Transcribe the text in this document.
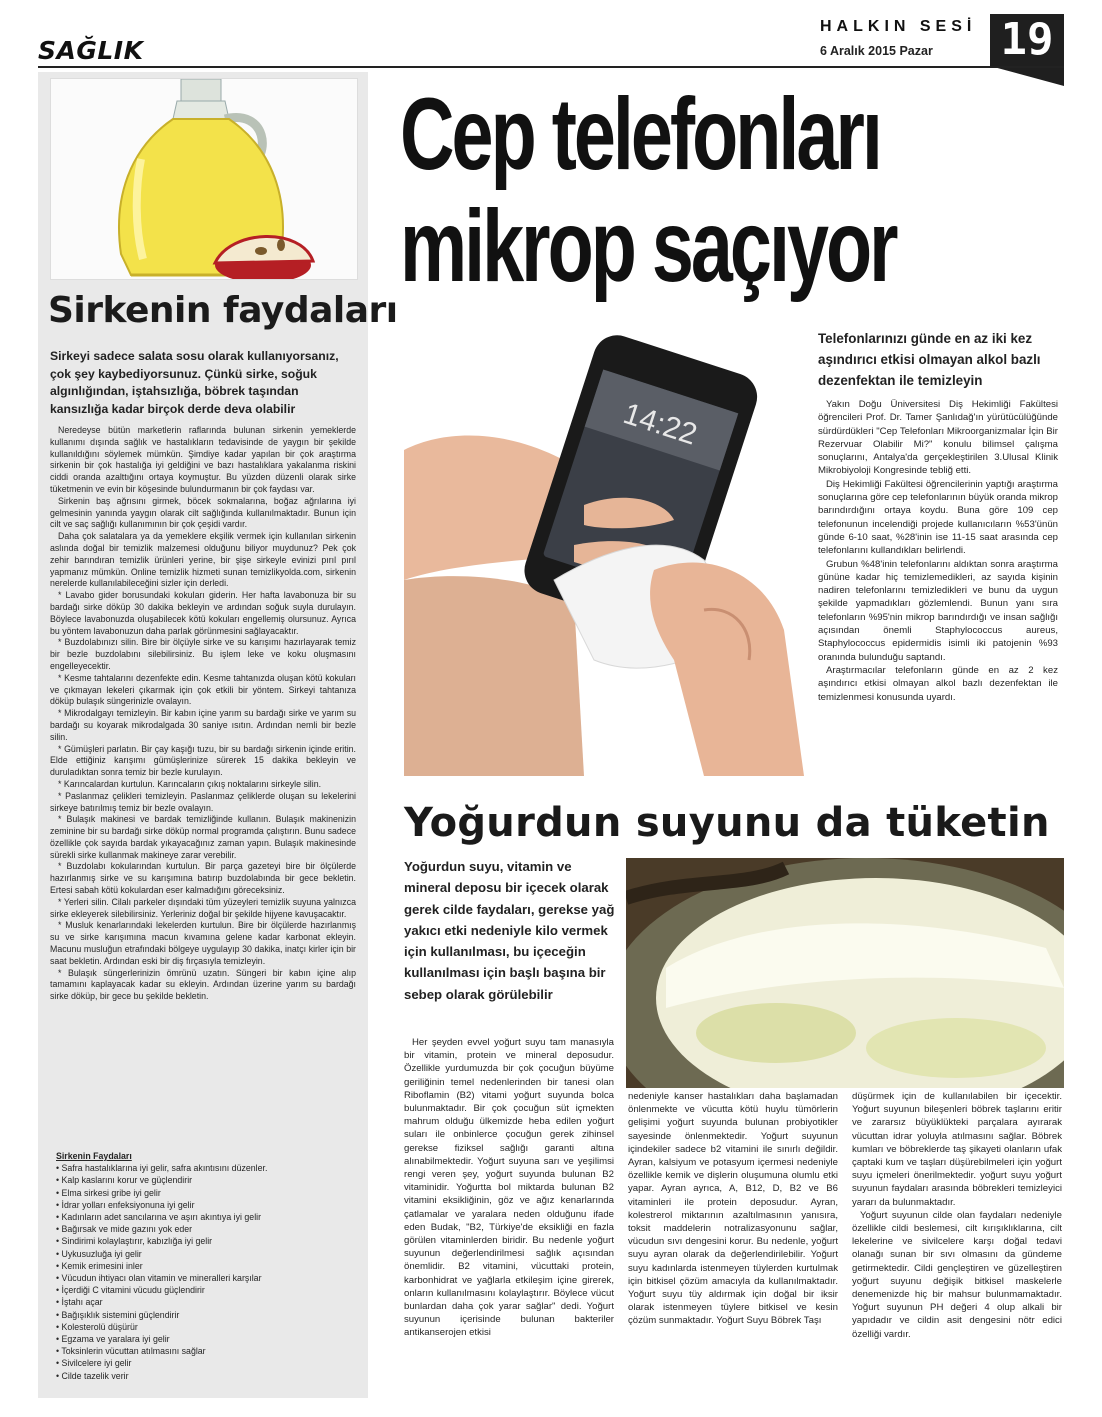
SAĞLIK
HALKIN SESİ
6 Aralık 2015 Pazar 19
Sirkenin faydaları
Sirkeyi sadece salata sosu olarak kullanıyorsanız, çok şey kaybediyorsunuz. Çünkü sirke, soğuk algınlığından, iştahsızlığa, böbrek taşından kansızlığa kadar birçok derde deva olabilir

Neredeyse bütün marketlerin raflarında bulunan sirkenin yemeklerde kullanımı dışında sağlık ve hastalıkların tedavisinde de yaygın bir şekilde kullanıldığını söylemek mümkün. Şimdiye kadar yapılan bir çok araştırma sirkenin bir çok hastalığa iyi geldiğini ve bazı hastalıklara yakalanma riskini ciddi oranda azalttığını ortaya koymuştur. Bu yüzden düzenli olarak sirke tüketmenin ve evin bir köşesinde bulundurmanın bir çok faydası var.

Sirkenin baş ağrısını girmek, böcek sokmalarına, boğaz ağrılarına iyi gelmesinin yanında yaygın olarak cilt sağlığında kullanılmaktadır. Bunun için cilt ve saç sağlığı kullanımının bir çok çeşidi vardır.

Daha çok salatalara ya da yemeklere ekşilik vermek için kullanılan sirkenin aslında doğal bir temizlik malzemesi olduğunu biliyor muydunuz? Pek çok zehir barındıran temizlik ürünleri yerine, bir şişe sirkeyle evinizi pırıl pırıl yapmanız mümkün. Online temizlik hizmeti sunan temizlikyolda.com, sirkenin nerelerde kullanılabileceğini sizler için derledi.

* Lavabo gider borusundaki kokuları giderin. Her hafta lavabonuza bir su bardağı sirke döküp 30 dakika bekleyin ve ardından soğuk suyla durulayın. Böylece lavabonuzda oluşabilecek kötü kokuları engellemiş olursunuz. Ayrıca bu yöntem lavabonuzun daha parlak görünmesini sağlayacaktır.

* Buzdolabınızı silin. Bire bir ölçüyle sirke ve su karışımı hazırlayarak temiz bir bezle buzdolabını silebilirsiniz. Bu işlem leke ve koku oluşmasını engelleyecektir.

* Kesme tahtalarını dezenfekte edin. Kesme tahtanızda oluşan kötü kokuları ve çıkmayan lekeleri çıkarmak için çok etkili bir yöntem. Sirkeyi tahtanıza döküp bulaşık süngerinizle ovalayın.

* Mikrodalgayı temizleyin. Bir kabın içine yarım su bardağı sirke ve yarım su bardağı su koyarak mikrodalgada 30 saniye ısıtın. Ardından nemli bir bezle silin.

* Gümüşleri parlatın. Bir çay kaşığı tuzu, bir su bardağı sirkenin içinde eritin. Elde ettiğiniz karışımı gümüşlerinize sürerek 15 dakika bekleyin ve duruladıktan sonra temiz bir bezle kurulayın.

* Karıncalardan kurtulun. Karıncaların çıkış noktalarını sirkeyle silin.

* Paslanmaz çelikleri temizleyin. Paslanmaz çeliklerde oluşan su lekelerini sirkeye batırılmış temiz bir bezle ovalayın.

* Bulaşık makinesi ve bardak temizliğinde kullanın. Bulaşık makinenizin zeminine bir su bardağı sirke döküp normal programda çalıştırın. Bunu sadece özellikle çok sayıda bardak yıkayacağınız zaman yapın. Bulaşık makinesinde sürekli sirke kullanmak makineye zarar verebilir.

* Buzdolabı kokularından kurtulun. Bir parça gazeteyi bire bir ölçülerde hazırlanmış sirke ve su karışımına batırıp buzdolabında bir gece bekletin. Ertesi sabah kötü kokulardan eser kalmadığını göreceksiniz.

* Yerleri silin. Cilalı parkeler dışındaki tüm yüzeyleri temizlik suyuna yalnızca sirke ekleyerek silebilirsiniz. Yerleriniz doğal bir şekilde hijyene kavuşacaktır.

* Musluk kenarlarındaki lekelerden kurtulun. Bire bir ölçülerde hazırlanmış su ve sirke karışımına macun kıvamına gelene kadar karbonat ekleyin. Macunu musluğun etrafındaki bölgeye uygulayıp 30 dakika, inatçı kirler için bir saat bekletin. Ardından eski bir diş fırçasıyla temizleyin.

* Bulaşık süngerlerinizin ömrünü uzatın. Süngeri bir kabın içine alıp tamamını kaplayacak kadar su ekleyin. Ardından üzerine yarım su bardağı sirke döküp, bir gece bu şekilde bekletin.

Sirkenin Faydaları
• Safra hastalıklarına iyi gelir, safra akıntısını düzenler.
• Kalp kaslarını korur ve güçlendirir
• Elma sirkesi gribe iyi gelir
• İdrar yolları enfeksiyonuna iyi gelir
• Kadınların adet sancılarına ve aşırı akıntıya iyi gelir
• Bağırsak ve mide gazını yok eder
• Sindirimi kolaylaştırır, kabızlığa iyi gelir
• Uykusuzluğa iyi gelir
• Kemik erimesini inler
• Vücudun ihtiyacı olan vitamin ve mineralleri karşılar
• İçerdiği C vitamini vücudu güçlendirir
• İştahı açar
• Bağışıklık sistemini güçlendirir
• Kolesterolü düşürür
• Egzama ve yaralara iyi gelir
• Toksinlerin vücuttan atılmasını sağlar
• Sivilcelere iyi gelir
• Cilde tazelik verir
Cep telefonları
mikrop saçıyor
14:22
Telefonlarınızı günde en az iki kez aşındırıcı etkisi olmayan alkol bazlı dezenfektan ile temizleyin

Yakın Doğu Üniversitesi Diş Hekimliği Fakültesi öğrencileri Prof. Dr. Tamer Şanlıdağ'ın yürütücülüğünde sürdürdükleri "Cep Telefonları Mikroorganizmalar İçin Bir Rezervuar Olabilir Mi?" konulu bilimsel çalışma sonuçlarını, Antalya'da gerçekleştirilen 3.Ulusal Klinik Mikrobiyoloji Kongresinde tebliğ etti.

Diş Hekimliği Fakültesi öğrencilerinin yaptığı araştırma sonuçlarına göre cep telefonlarının büyük oranda mikrop barındırdığını ortaya koydu. Buna göre 109 cep telefonunun incelendiği projede kullanıcıların %53'ünün günde 6-10 saat, %28'inin ise 11-15 saat arasında cep telefonlarını kullandıkları belirlendi.

Grubun %48'inin telefonlarını aldıktan sonra araştırma gününe kadar hiç temizlemedikleri, az sayıda kişinin nadiren telefonlarını temizledikleri ve bunu da uygun şekilde yapmadıkları gözlemlendi. Bunun yanı sıra telefonların %95'nin mikrop barındırdığı ve insan sağlığı açısından önemli Staphylococcus aureus, Staphylococcus epidermidis isimli iki patojenin %93 oranında bulunduğu saptandı.

Araştırmacılar telefonların günde en az 2 kez aşındırıcı etkisi olmayan alkol bazlı dezenfektan ile temizlenmesi konusunda uyardı.

Yoğurdun suyunu da tüketin
Yoğurdun suyu, vitamin ve mineral deposu bir içecek olarak gerek cilde faydaları, gerekse yağ yakıcı etki nedeniyle kilo vermek için kullanılması, bu içeceğin kullanılması için başlı başına bir sebep olarak görülebilir

Her şeyden evvel yoğurt suyu tam manasıyla bir vitamin, protein ve mineral deposudur. Özellikle yurdumuzda bir çok çocuğun büyüme geriliğinin temel nedenlerinden bir tanesi olan Riboflamin (B2) vitami yoğurt suyunda bolca bulunmaktadır. Bir çok çocuğun süt içmekten mahrum olduğu ülkemizde heba edilen yoğurt suları ile onbinlerce çocuğun gerek zihinsel gerekse fiziksel sağlığı garanti altına alınabilmektedir. Yoğurt suyuna sarı ve yeşilimsi rengi veren şey, yoğurt suyunda bulunan B2 vitaminidir. Yoğurtta bol miktarda bulunan B2 vitamini eksikliğinin, göz ve ağız kenarlarında çatlamalar ve yaralara neden olduğunu ifade eden Budak, "B2, Türkiye'de eksikliği en fazla görülen vitaminlerden biridir. Bu nedenle yoğurt suyunun değerlendirilmesi sağlık açısından önemlidir. B2 vitamini, vücuttaki protein, karbonhidrat ve yağlarla etkileşim içine girerek, onların kullanılmasını kolaylaştırır. Böylece vücut bunlardan daha çok yarar sağlar" dedi. Yoğurt suyunun içerisinde bulunan bakteriler antikanserojen etkisi

nedeniyle kanser hastalıkları daha başlamadan önlenmekte ve vücutta kötü huylu tümörlerin gelişimi yoğurt suyunda bulunan probiyotikler sayesinde önlenmektedir. Yoğurt suyunun içindekiler sadece b2 vitamini ile sınırlı değildir. Ayran, kalsiyum ve potasyum içermesi nedeniyle özellikle kemik ve dişlerin oluşumuna olumlu etki yapar. Ayran ayrıca, A, B12, D, B2 ve B6 vitaminleri ile protein deposudur. Ayran, kolestrerol miktarının azaltılmasının yanısıra, toksit maddelerin notralizasyonunu sağlar, vücudun sıvı dengesini korur. Bu nedenle, yoğurt suyu ayran olarak da değerlendirilebilir. Yoğurt suyu kadınlarda istenmeyen tüylerden kurtulmak için bitkisel çözüm amacıyla da kullanılmaktadır. Yoğurt suyu tüy aldırmak için doğal bir iksir olarak istenmeyen tüylere bitkisel ve kesin çözüm sunmaktadır. Yoğurt Suyu Böbrek Taşı

düşürmek için de kullanılabilen bir içecektir. Yoğurt suyunun bileşenleri böbrek taşlarını eritir ve zararsız büyüklükteki parçalara ayırarak vücuttan idrar yoluyla atılmasını sağlar. Böbrek kumları ve böbreklerde taş şikayeti olanların ufak çaptaki kum ve taşları düşürebilmeleri için yoğurt suyu içmeleri önerilmektedir. yoğurt suyu yoğurt suyunun faydaları arasında böbrekleri temizleyici yararı da bulunmaktadır.

Yoğurt suyunun cilde olan faydaları nedeniyle özellikle cildi beslemesi, cilt kırışıklıklarına, cilt lekelerine ve sivilcelere karşı doğal tedavi olanağı sunan bir sıvı olmasını da gündeme getirmektedir. Cildi gençleştiren ve güzelleştiren yoğurt suyunu değişik bitkisel maskelerle denemenizde hiç bir mahsur bulunmamaktadır. Yoğurt suyunun PH değeri 4 olup alkali bir yapıdadır ve cildin asit dengesini nötr edici özelliği vardır.
